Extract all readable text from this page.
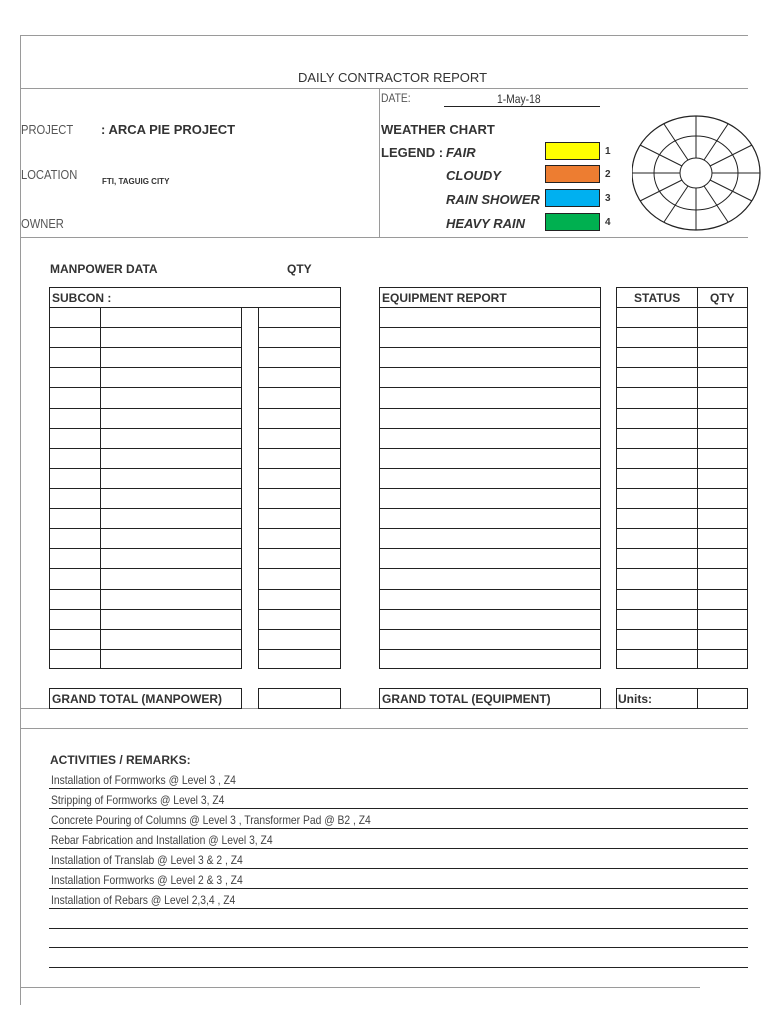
DAILY CONTRACTOR REPORT
DATE:	1-May-18
PROJECT : ARCA PIE PROJECT
LOCATION	FTI, TAGUIG CITY
OWNER
WEATHER CHART
LEGEND : FAIR	1
CLOUDY	2
RAIN SHOWER	3
HEAVY RAIN	4
MANPOWER DATA	QTY
SUBCON :
GRAND TOTAL (MANPOWER)
EQUIPMENT REPORT	STATUS QTY
GRAND TOTAL (EQUIPMENT)	Units:
ACTIVITIES / REMARKS:
Installation of Formworks @ Level 3 , Z4
Stripping of Formworks @ Level 3, Z4
Concrete Pouring of Columns @ Level 3 , Transformer Pad @ B2 , Z4
Rebar Fabrication and Installation @ Level 3, Z4
Installation of Translab @ Level 3 & 2 , Z4
Installation Formworks @ Level 2 & 3 , Z4
Installation of Rebars @ Level 2,3,4 , Z4
